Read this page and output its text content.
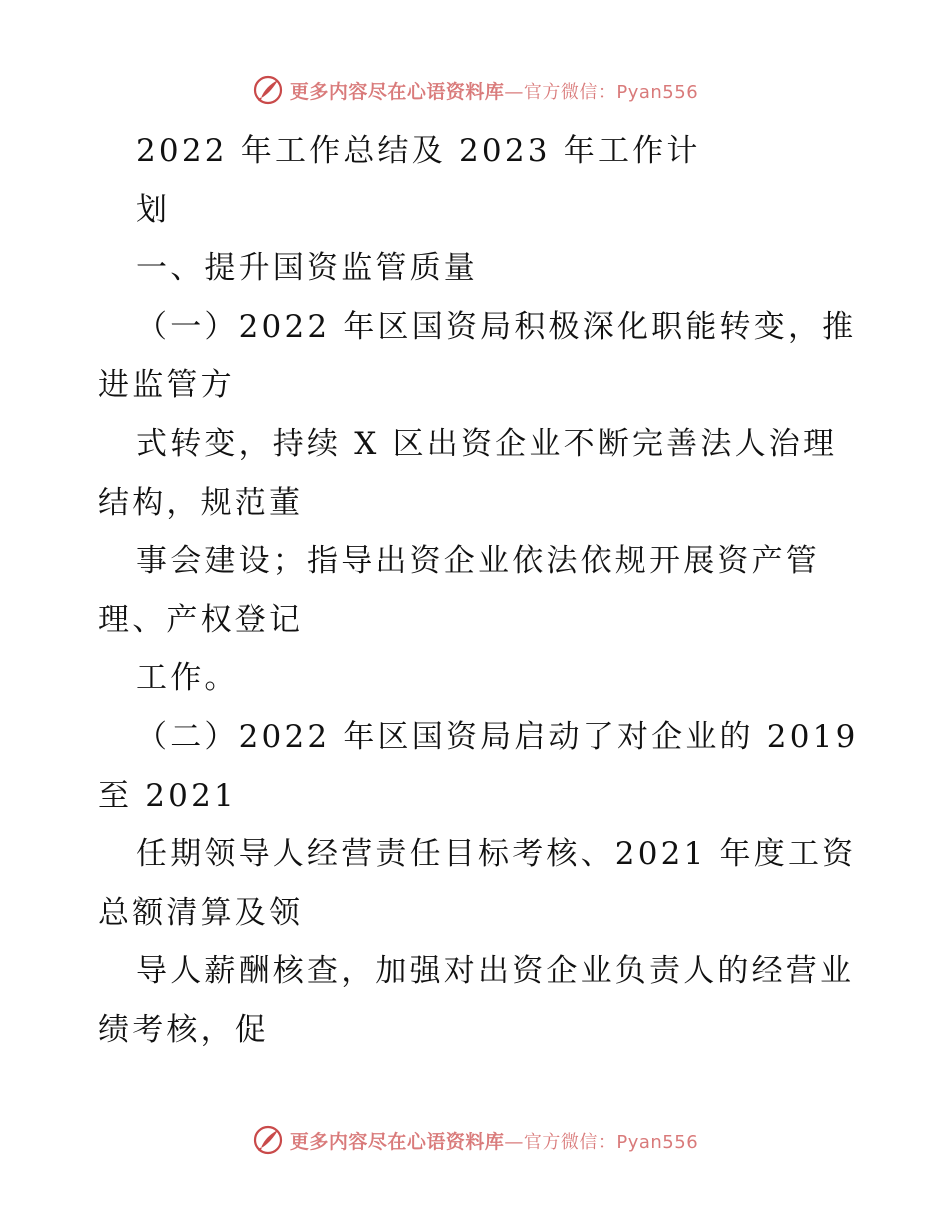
更多内容尽在心语资料库—官方微信：Pyan556
2022 年工作总结及 2023 年工作计
划
一、提升国资监管质量
（一）2022 年区国资局积极深化职能转变，推
进监管方
式转变，持续 X 区出资企业不断完善法人治理
结构，规范董
事会建设；指导出资企业依法依规开展资产管
理、产权登记
工作。
（二）2022 年区国资局启动了对企业的 2019
至 2021
任期领导人经营责任目标考核、2021 年度工资
总额清算及领
导人薪酬核查，加强对出资企业负责人的经营业
绩考核，促
更多内容尽在心语资料库—官方微信：Pyan556
